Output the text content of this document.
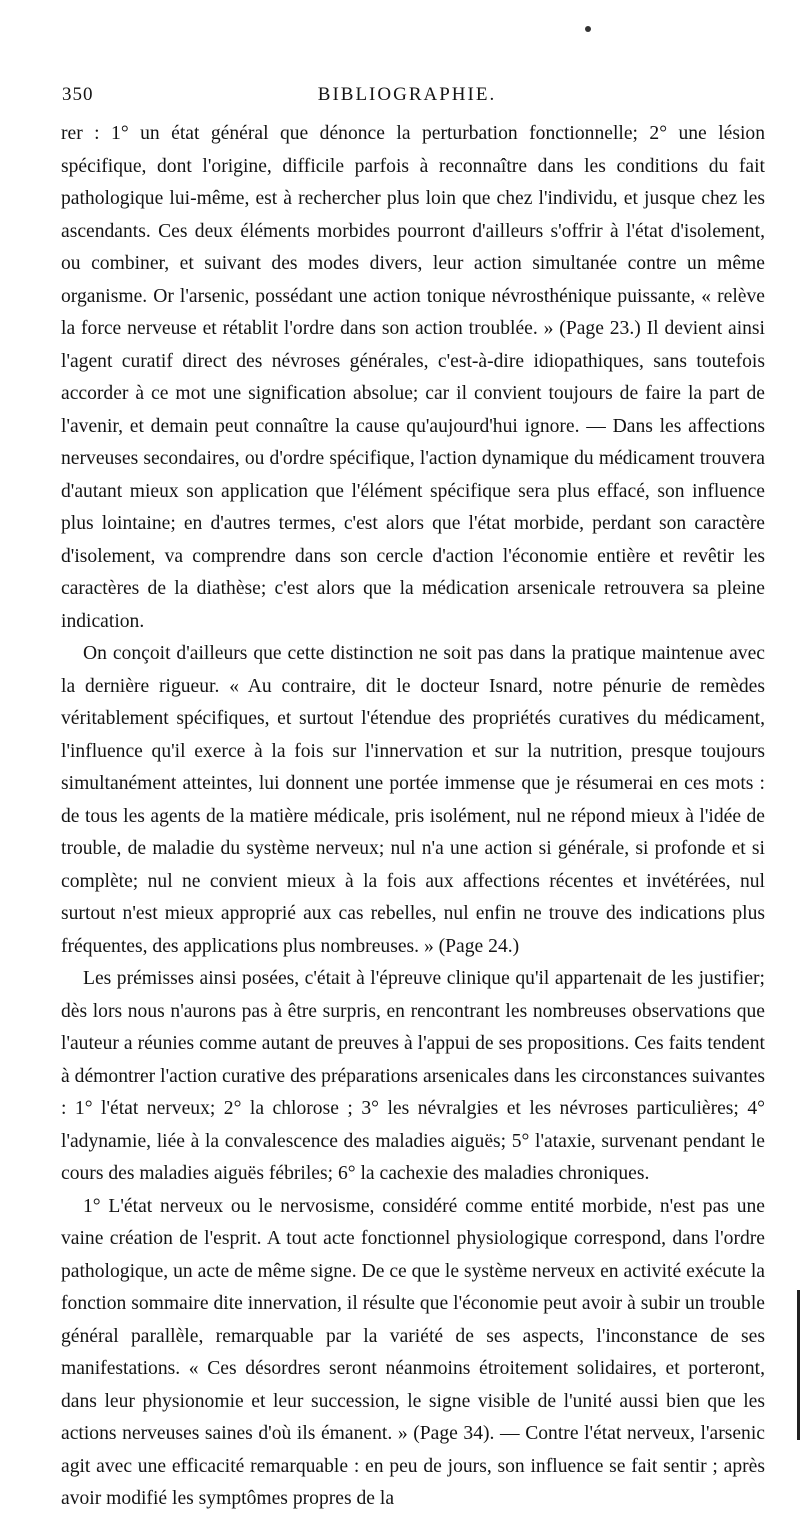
350	BIBLIOGRAPHIE.

rer : 1° un état général que dénonce la perturbation fonctionnelle; 2° une lésion spécifique, dont l'origine, difficile parfois à reconnaître dans les conditions du fait pathologique lui-même, est à rechercher plus loin que chez l'individu, et jusque chez les ascendants. Ces deux éléments morbides pourront d'ailleurs s'offrir à l'état d'isolement, ou combiner, et suivant des modes divers, leur action simultanée contre un même organisme. Or l'arsenic, possédant une action tonique névrosthénique puissante, « relève la force nerveuse et rétablit l'ordre dans son action troublée. » (Page 23.) Il devient ainsi l'agent curatif direct des névroses générales, c'est-à-dire idiopathiques, sans toutefois accorder à ce mot une signification absolue; car il convient toujours de faire la part de l'avenir, et demain peut connaître la cause qu'aujourd'hui ignore. — Dans les affections nerveuses secondaires, ou d'ordre spécifique, l'action dynamique du médicament trouvera d'autant mieux son application que l'élément spécifique sera plus effacé, son influence plus lointaine; en d'autres termes, c'est alors que l'état morbide, perdant son caractère d'isolement, va comprendre dans son cercle d'action l'économie entière et revêtir les caractères de la diathèse; c'est alors que la médication arsenicale retrouvera sa pleine indication.

On conçoit d'ailleurs que cette distinction ne soit pas dans la pratique maintenue avec la dernière rigueur. « Au contraire, dit le docteur Isnard, notre pénurie de remèdes véritablement spécifiques, et surtout l'étendue des propriétés curatives du médicament, l'influence qu'il exerce à la fois sur l'innervation et sur la nutrition, presque toujours simultanément atteintes, lui donnent une portée immense que je résumerai en ces mots : de tous les agents de la matière médicale, pris isolément, nul ne répond mieux à l'idée de trouble, de maladie du système nerveux; nul n'a une action si générale, si profonde et si complète; nul ne convient mieux à la fois aux affections récentes et invétérées, nul surtout n'est mieux approprié aux cas rebelles, nul enfin ne trouve des indications plus fréquentes, des applications plus nombreuses. » (Page 24.)

Les prémisses ainsi posées, c'était à l'épreuve clinique qu'il appartenait de les justifier; dès lors nous n'aurons pas à être surpris, en rencontrant les nombreuses observations que l'auteur a réunies comme autant de preuves à l'appui de ses propositions. Ces faits tendent à démontrer l'action curative des préparations arsenicales dans les circonstances suivantes : 1° l'état nerveux; 2° la chlorose ; 3° les névralgies et les névroses particulières; 4° l'adynamie, liée à la convalescence des maladies aiguës; 5° l'ataxie, survenant pendant le cours des maladies aiguës fébriles; 6° la cachexie des maladies chroniques.

1° L'état nerveux ou le nervosisme, considéré comme entité morbide, n'est pas une vaine création de l'esprit. A tout acte fonctionnel physiologique correspond, dans l'ordre pathologique, un acte de même signe. De ce que le système nerveux en activité exécute la fonction sommaire dite innervation, il résulte que l'économie peut avoir à subir un trouble général parallèle, remarquable par la variété de ses aspects, l'inconstance de ses manifestations. « Ces désordres seront néanmoins étroitement solidaires, et porteront, dans leur physionomie et leur succession, le signe visible de l'unité aussi bien que les actions nerveuses saines d'où ils émanent. » (Page 34). — Contre l'état nerveux, l'arsenic agit avec une efficacité remarquable : en peu de jours, son influence se fait sentir ; après avoir modifié les symptômes propres de la
